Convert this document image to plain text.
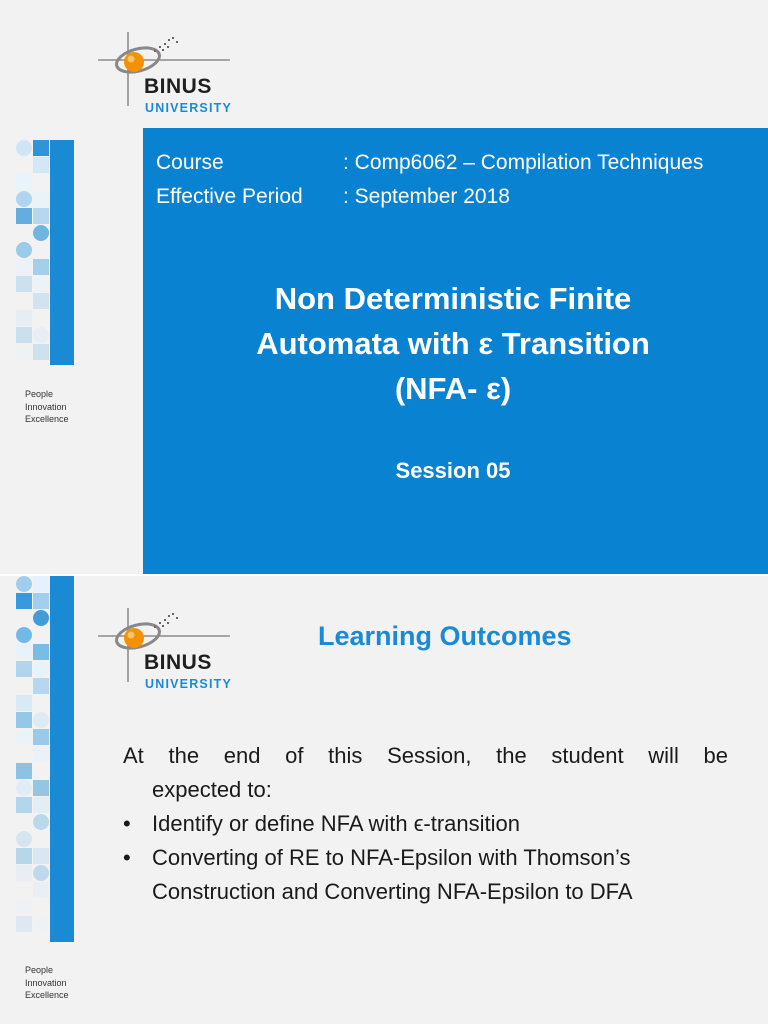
BINUS
UNIVERSITY
People
Innovation
Excellence
Course	: Comp6062 – Compilation Techniques
Effective Period : September 2018
Non Deterministic Finite
Automata with ε Transition
(NFA- ε)
Session 05
BINUS
UNIVERSITY
People
Innovation
Excellence
Learning Outcomes
At the end of this Session, the student will be
expected to:
• Identify or define NFA with ϵ-transition
• Converting of RE to NFA-Epsilon with Thomson’s
Construction and Converting NFA-Epsilon to DFA
